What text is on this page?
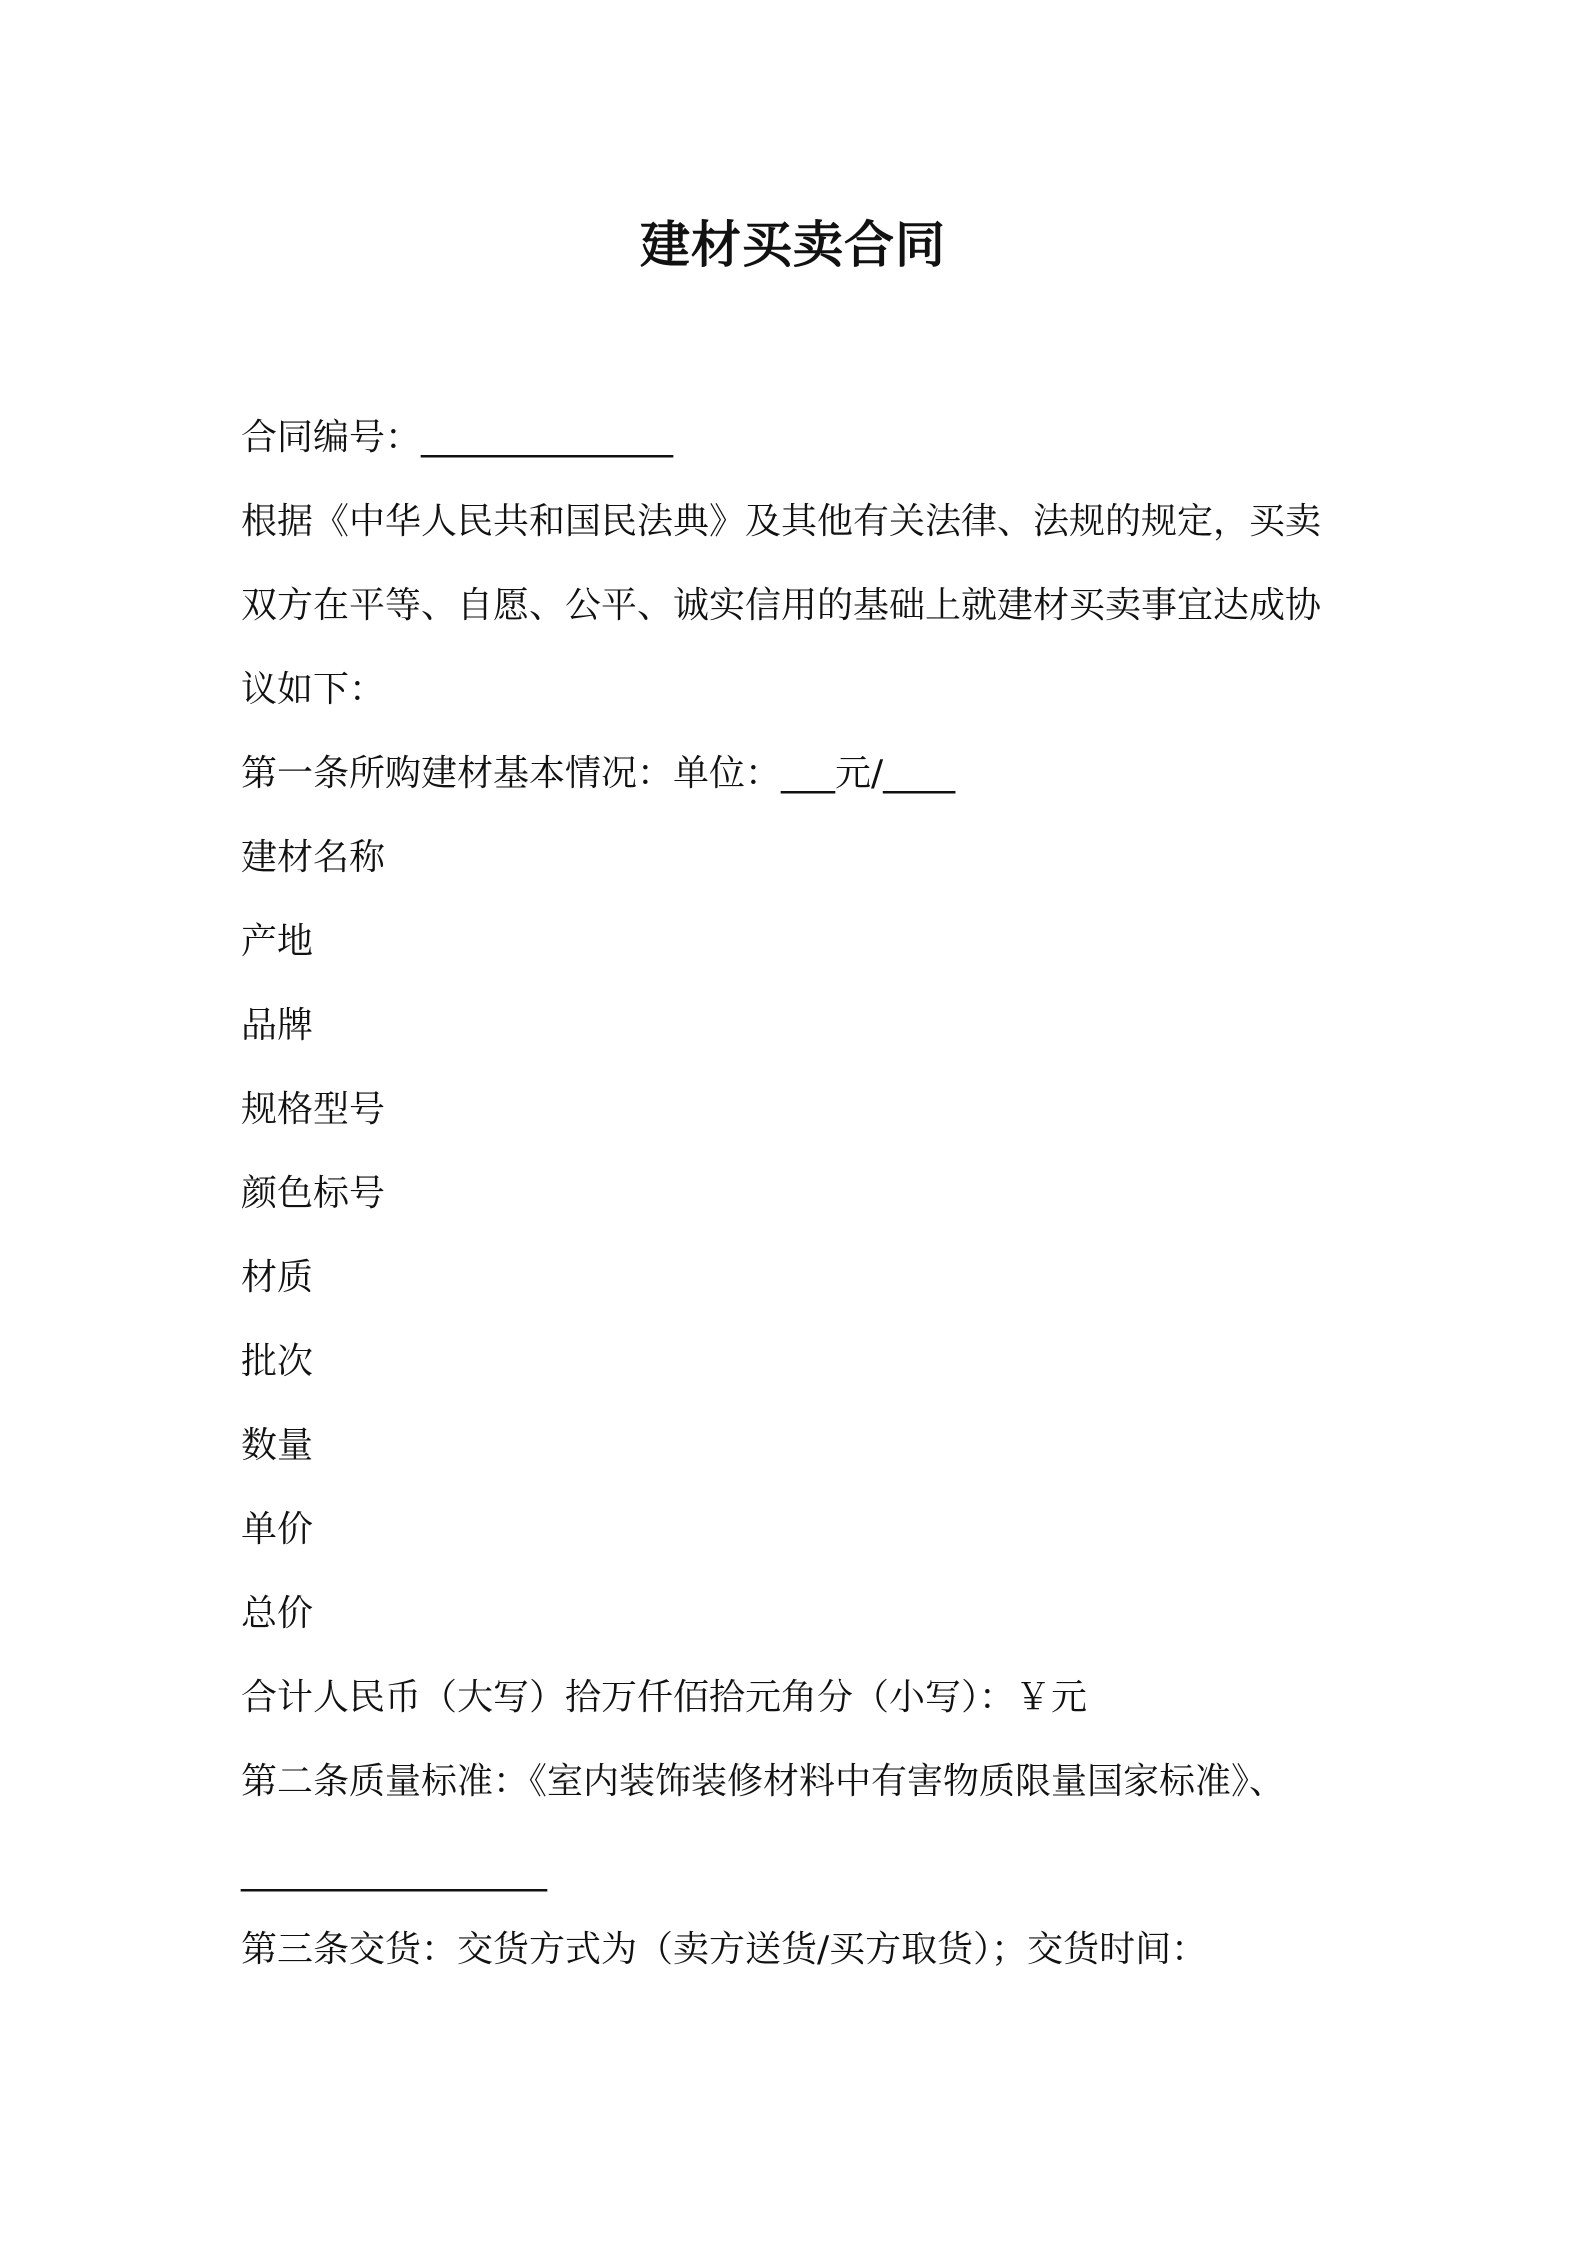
建材买卖合同
合同编号：______________
根据《中华人民共和国民法典》及其他有关法律、法规的规定，买卖
双方在平等、自愿、公平、诚实信用的基础上就建材买卖事宜达成协
议如下：
第一条所购建材基本情况：单位：___元/____
建材名称
产地
品牌
规格型号
颜色标号
材质
批次
数量
单价
总价
合计人民币（大写）拾万仟佰拾元角分（小写）：￥元
第二条质量标准：《室内装饰装修材料中有害物质限量国家标准》、
_________________
第三条交货：交货方式为（卖方送货/买方取货）；交货时间：
